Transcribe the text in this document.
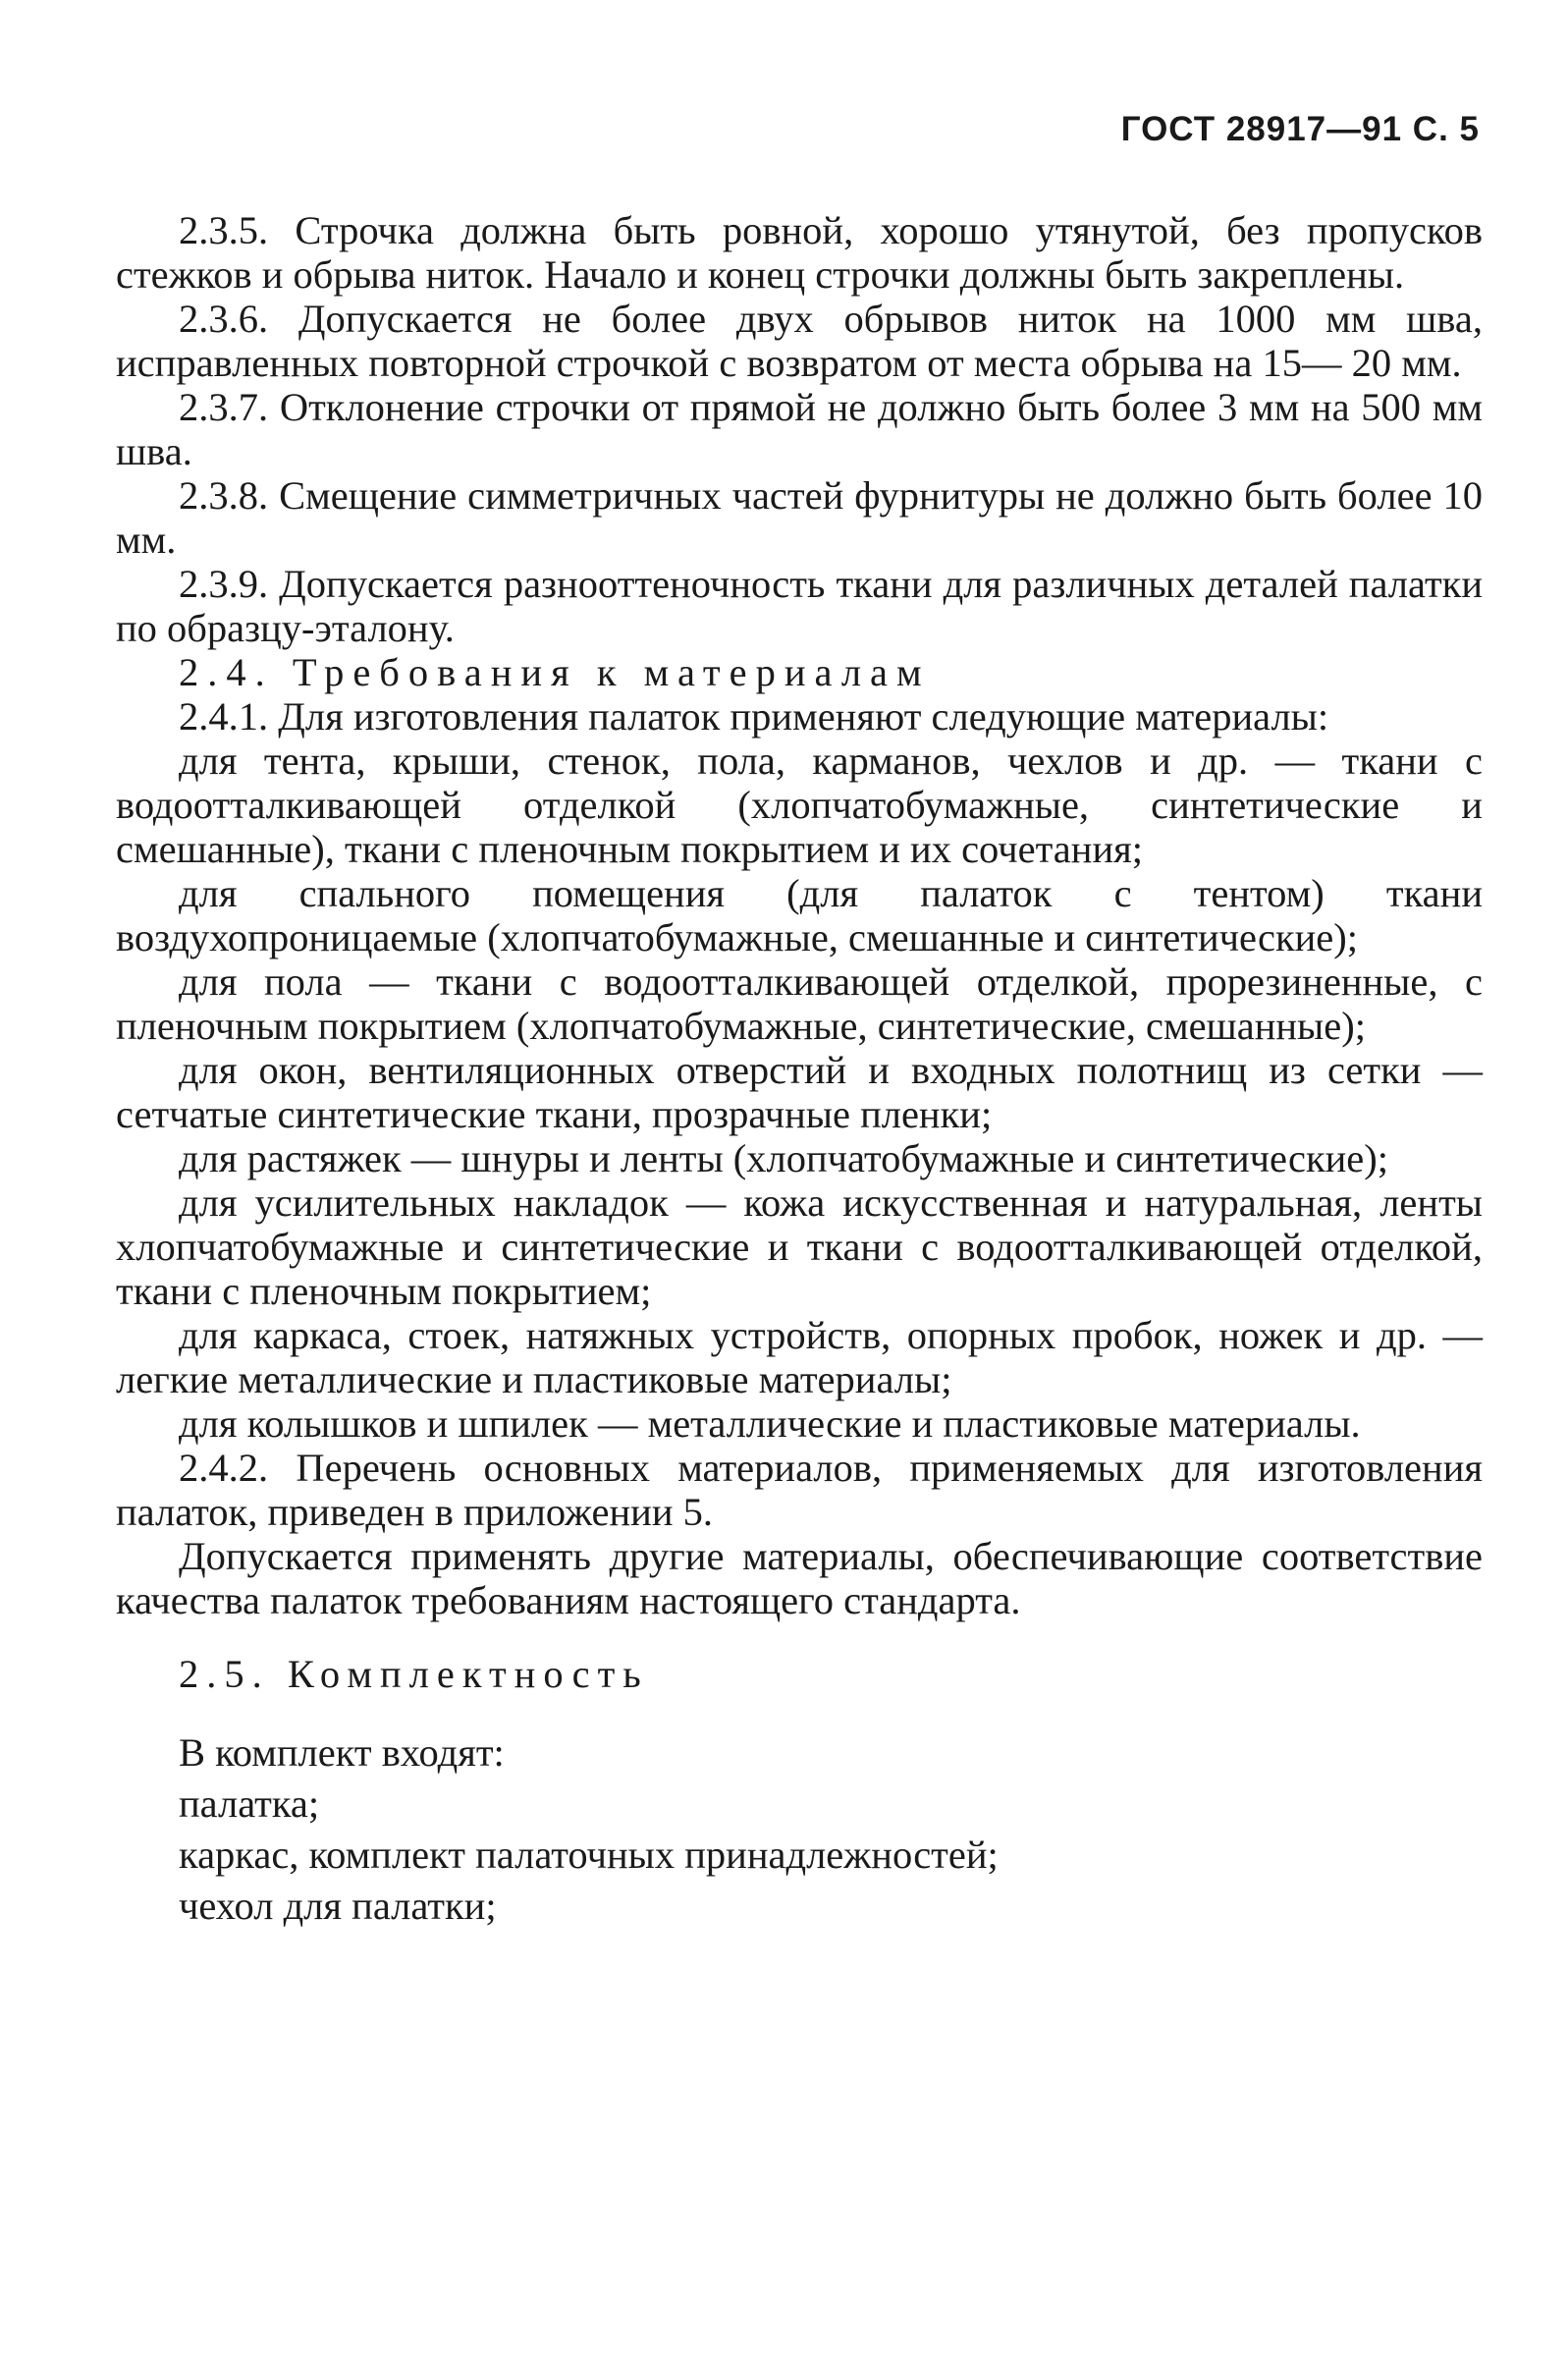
ГОСТ 28917—91 С. 5

2.3.5. Строчка должна быть ровной, хорошо утянутой, без пропусков стежков и обрыва ниток. Начало и конец строчки должны быть закреплены.

2.3.6. Допускается не более двух обрывов ниток на 1000 мм шва, исправленных повторной строчкой с возвратом от места обрыва на 15— 20 мм.

2.3.7. Отклонение строчки от прямой не должно быть более 3 мм на 500 мм шва.

2.3.8. Смещение симметричных частей фурнитуры не должно быть более 10 мм.

2.3.9. Допускается разнооттеночность ткани для различных деталей палатки по образцу-эталону.

2.4. Требования к материалам

2.4.1. Для изготовления палаток применяют следующие материалы:

для тента, крыши, стенок, пола, карманов, чехлов и др. — ткани с водоотталкивающей отделкой (хлопчатобумажные, синтетические и смешанные), ткани с пленочным покрытием и их сочетания;

для спального помещения (для палаток с тентом) ткани воздухопроницаемые (хлопчатобумажные, смешанные и синтетические);

для пола — ткани с водоотталкивающей отделкой, прорезиненные, с пленочным покрытием (хлопчатобумажные, синтетические, смешанные);

для окон, вентиляционных отверстий и входных полотнищ из сетки — сетчатые синтетические ткани, прозрачные пленки;

для растяжек — шнуры и ленты (хлопчатобумажные и синтетические);

для усилительных накладок — кожа искусственная и натуральная, ленты хлопчатобумажные и синтетические и ткани с водоотталкивающей отделкой, ткани с пленочным покрытием;

для каркаса, стоек, натяжных устройств, опорных пробок, ножек и др. — легкие металлические и пластиковые материалы;

для колышков и шпилек — металлические и пластиковые материалы.

2.4.2. Перечень основных материалов, применяемых для изготовления палаток, приведен в приложении 5.

Допускается применять другие материалы, обеспечивающие соответствие качества палаток требованиям настоящего стандарта.

2.5. Комплектность

В комплект входят:

палатка;

каркас, комплект палаточных принадлежностей;

чехол для палатки;
